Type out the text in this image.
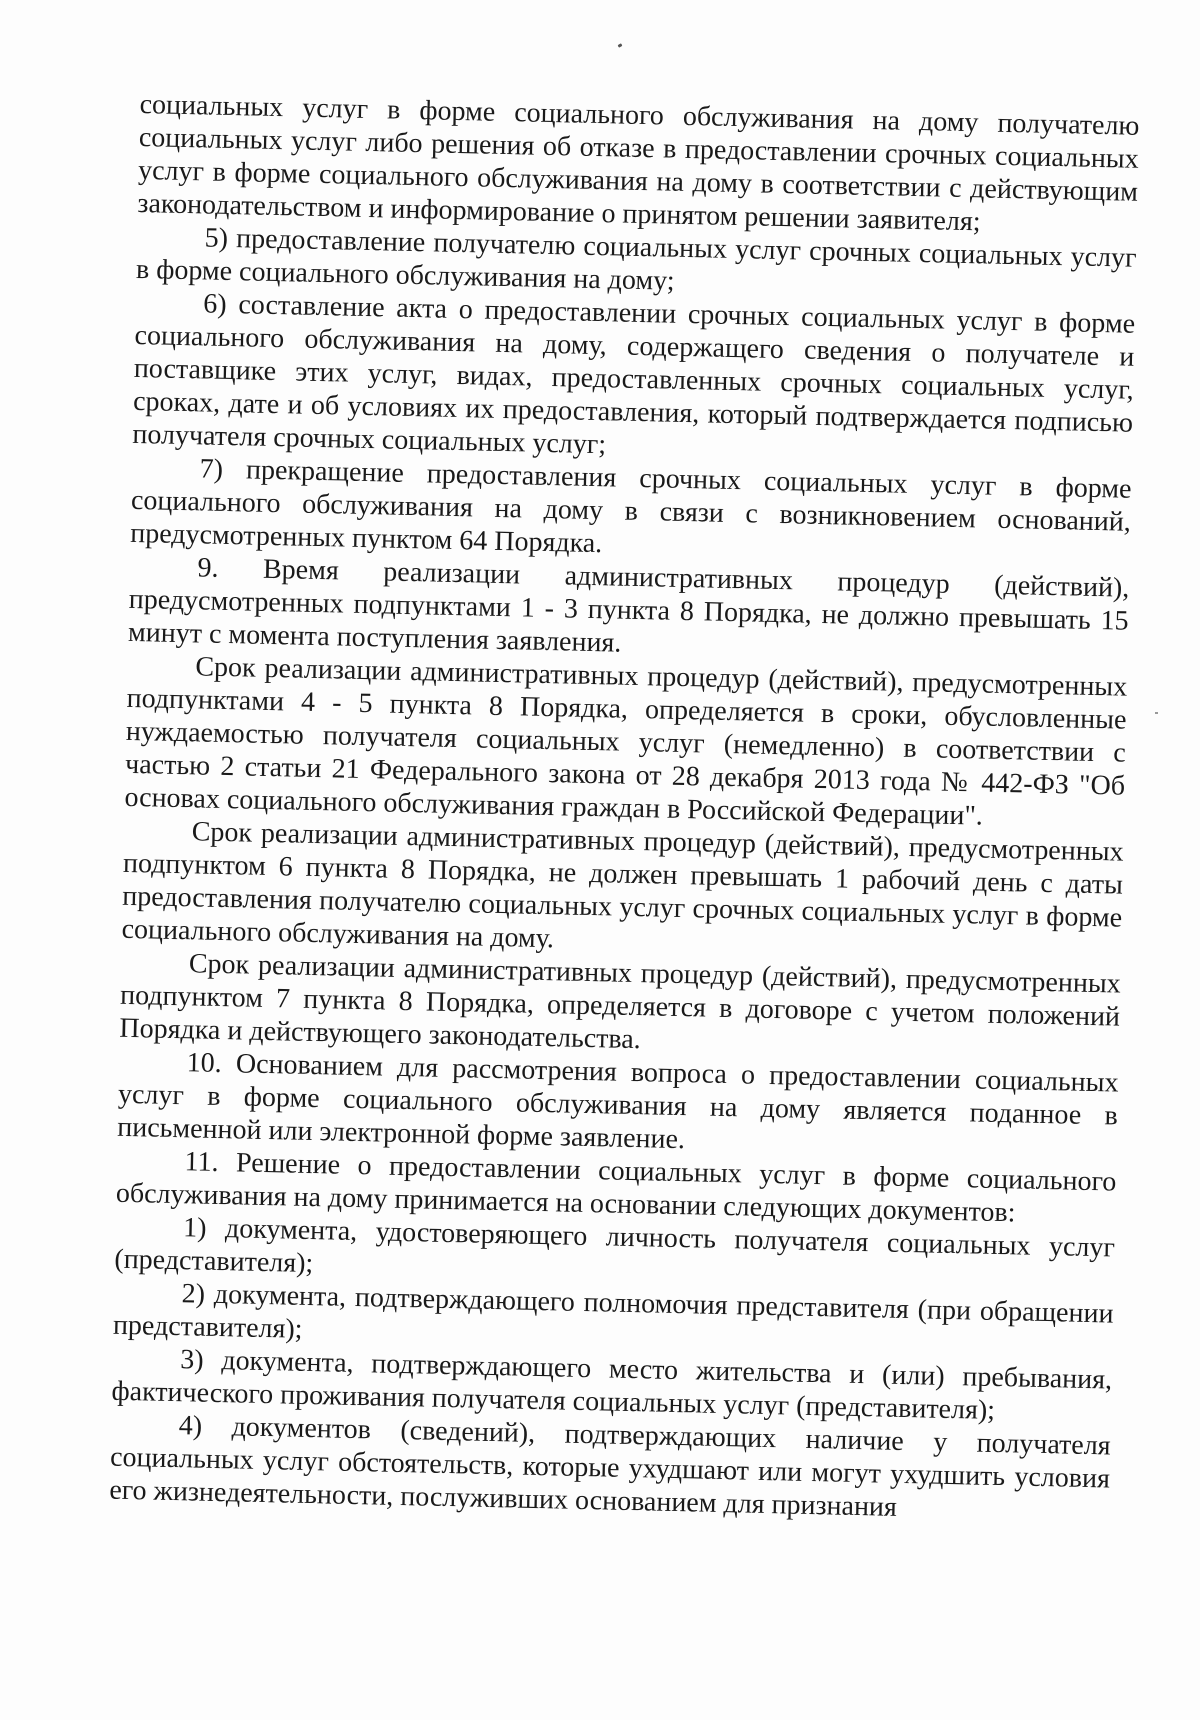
социальных услуг в форме социального обслуживания на дому получателю социальных услуг либо решения об отказе в предоставлении срочных социальных услуг в форме социального обслуживания на дому в соответствии с действующим законодательством и информирование о принятом решении заявителя;

5) предоставление получателю социальных услуг срочных социальных услуг в форме социального обслуживания на дому;

6) составление акта о предоставлении срочных социальных услуг в форме социального обслуживания на дому, содержащего сведения о получателе и поставщике этих услуг, видах, предоставленных срочных социальных услуг, сроках, дате и об условиях их предоставления, который подтверждается подписью получателя срочных социальных услуг;

7) прекращение предоставления срочных социальных услуг в форме социального обслуживания на дому в связи с возникновением оснований, предусмотренных пунктом 64 Порядка.

9. Время реализации административных процедур (действий), предусмотренных подпунктами 1 - 3 пункта 8 Порядка, не должно превышать 15 минут с момента поступления заявления.

Срок реализации административных процедур (действий), предусмотренных подпунктами 4 - 5 пункта 8 Порядка, определяется в сроки, обусловленные нуждаемостью получателя социальных услуг (немедленно) в соответствии с частью 2 статьи 21 Федерального закона от 28 декабря 2013 года № 442-ФЗ "Об основах социального обслуживания граждан в Российской Федерации".

Срок реализации административных процедур (действий), предусмотренных подпунктом 6 пункта 8 Порядка, не должен превышать 1 рабочий день с даты предоставления получателю социальных услуг срочных социальных услуг в форме социального обслуживания на дому.

Срок реализации административных процедур (действий), предусмотренных подпунктом 7 пункта 8 Порядка, определяется в договоре с учетом положений Порядка и действующего законодательства.

10. Основанием для рассмотрения вопроса о предоставлении социальных услуг в форме социального обслуживания на дому является поданное в письменной или электронной форме заявление.

11. Решение о предоставлении социальных услуг в форме социального обслуживания на дому принимается на основании следующих документов:

1) документа, удостоверяющего личность получателя социальных услуг (представителя);

2) документа, подтверждающего полномочия представителя (при обращении представителя);

3) документа, подтверждающего место жительства и (или) пребывания, фактического проживания получателя социальных услуг (представителя);

4) документов (сведений), подтверждающих наличие у получателя социальных услуг обстоятельств, которые ухудшают или могут ухудшить условия его жизнедеятельности, послуживших основанием для признания
